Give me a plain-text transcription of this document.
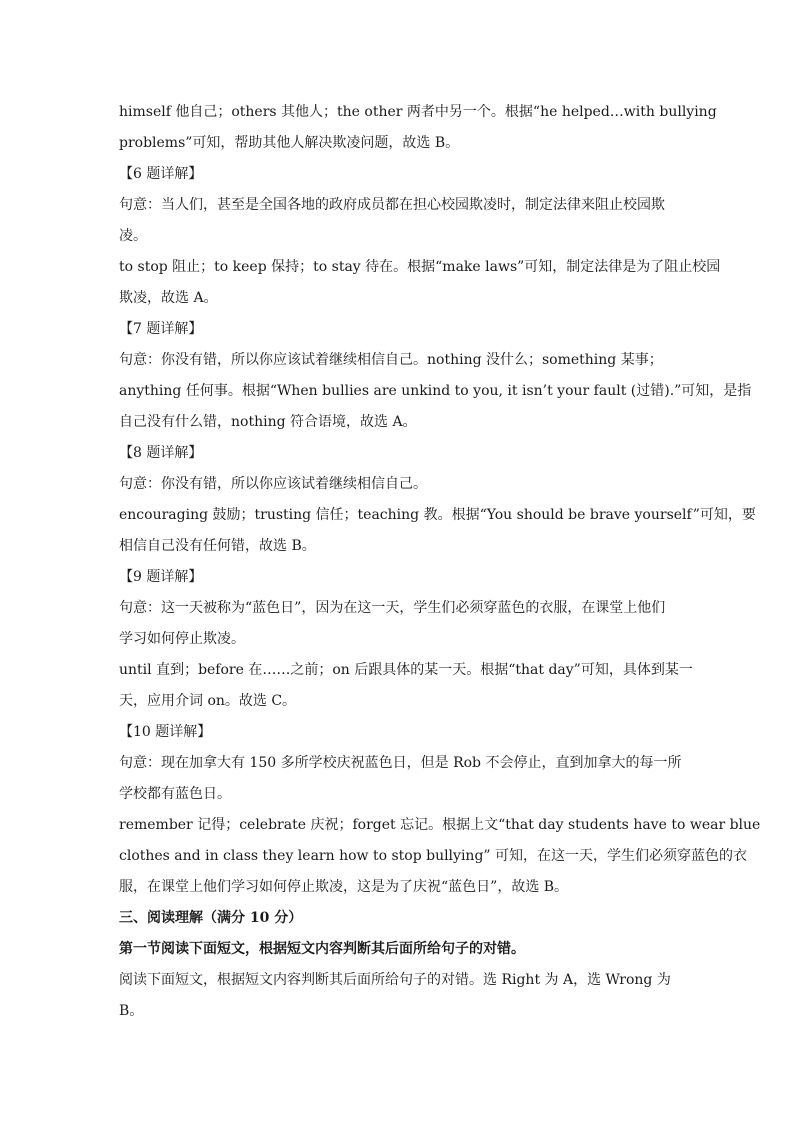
himself 他自己；others 其他人；the other 两者中另一个。根据“he helped…with bullying
problems”可知，帮助其他人解决欺凌问题，故选 B。
【6 题详解】
句意：当人们，甚至是全国各地的政府成员都在担心校园欺凌时，制定法律来阻止校园欺
凌。
to stop 阻止；to keep 保持；to stay 待在。根据“make laws”可知，制定法律是为了阻止校园
欺凌，故选 A。
【7 题详解】
句意：你没有错，所以你应该试着继续相信自己。nothing 没什么；something 某事；
anything 任何事。根据“When bullies are unkind to you, it isn’t your fault (过错).”可知，是指
自己没有什么错，nothing 符合语境，故选 A。
【8 题详解】
句意：你没有错，所以你应该试着继续相信自己。
encouraging 鼓励；trusting 信任；teaching 教。根据“You should be brave yourself”可知，要
相信自己没有任何错，故选 B。
【9 题详解】
句意：这一天被称为“蓝色日”，因为在这一天，学生们必须穿蓝色的衣服，在课堂上他们
学习如何停止欺凌。
until 直到；before 在……之前；on 后跟具体的某一天。根据“that day”可知，具体到某一
天，应用介词 on。故选 C。
【10 题详解】
句意：现在加拿大有 150 多所学校庆祝蓝色日，但是 Rob 不会停止，直到加拿大的每一所
学校都有蓝色日。
remember 记得；celebrate 庆祝；forget 忘记。根据上文“that day students have to wear blue
clothes and in class they learn how to stop bullying” 可知，在这一天，学生们必须穿蓝色的衣
服，在课堂上他们学习如何停止欺凌，这是为了庆祝“蓝色日”，故选 B。
三、阅读理解（满分 10 分）
第一节阅读下面短文，根据短文内容判断其后面所给句子的对错。
阅读下面短文，根据短文内容判断其后面所给句子的对错。选 Right 为 A，选 Wrong 为
B。
